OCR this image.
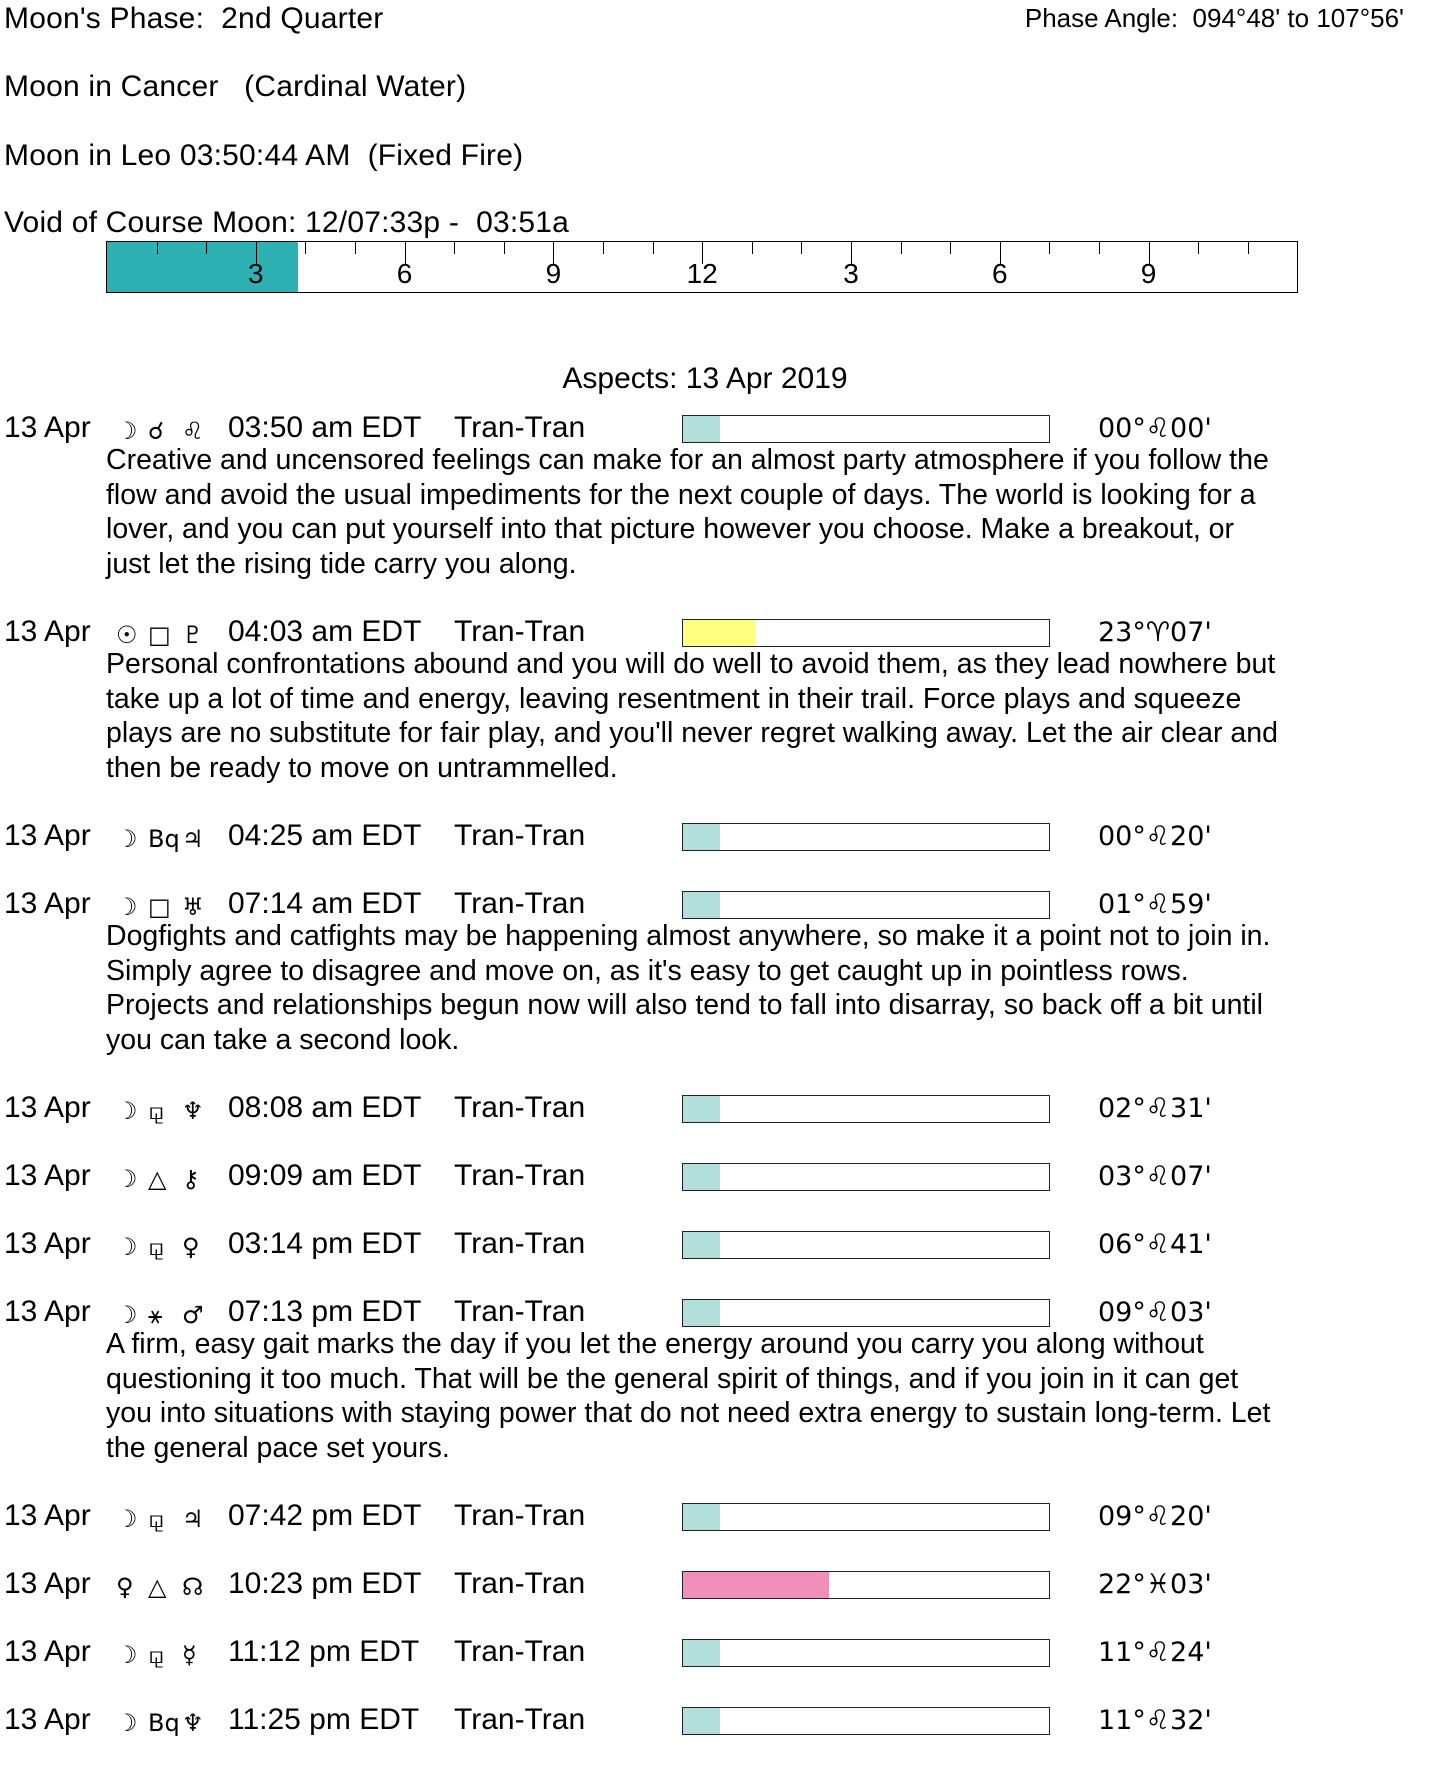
Moon's Phase:  2nd Quarter	Phase Angle:  094°48' to 107°56'
Moon in Cancer   (Cardinal Water)
Moon in Leo 03:50:44 AM  (Fixed Fire)
Void of Course Moon: 12/07:33p -  03:51a
3	6	9	12	3	6	9
Aspects: 13 Apr 2019
13 Apr ☽ ☌ ♌ 03:50 am EDT Tran-Tran	00°♌00'
Creative and uncensored feelings can make for an almost party atmosphere if you follow the
flow and avoid the usual impediments for the next couple of days. The world is looking for a
lover, and you can put yourself into that picture however you choose. Make a breakout, or
just let the rising tide carry you along.
13 Apr ☉ □ ♇ 04:03 am EDT Tran-Tran	23°♈07'
Personal confrontations abound and you will do well to avoid them, as they lead nowhere but
take up a lot of time and energy, leaving resentment in their trail. Force plays and squeeze
plays are no substitute for fair play, and you'll never regret walking away. Let the air clear and
then be ready to move on untrammelled.
13 Apr ☽ Bq ♃ 04:25 am EDT Tran-Tran	00°♌20'
13 Apr ☽ □ ♅ 07:14 am EDT Tran-Tran	01°♌59'
Dogfights and catfights may be happening almost anywhere, so make it a point not to join in.
Simply agree to disagree and move on, as it's easy to get caught up in pointless rows.
Projects and relationships begun now will also tend to fall into disarray, so back off a bit until
you can take a second look.
13 Apr ☽ ⚼ ♆ 08:08 am EDT Tran-Tran	02°♌31'
13 Apr ☽ △ ⚷ 09:09 am EDT Tran-Tran	03°♌07'
13 Apr ☽ ⚼ ♀ 03:14 pm EDT Tran-Tran	06°♌41'
13 Apr ☽ ⚹ ♂ 07:13 pm EDT Tran-Tran	09°♌03'
A firm, easy gait marks the day if you let the energy around you carry you along without
questioning it too much. That will be the general spirit of things, and if you join in it can get
you into situations with staying power that do not need extra energy to sustain long-term. Let
the general pace set yours.
13 Apr ☽ ⚼ ♃ 07:42 pm EDT Tran-Tran	09°♌20'
13 Apr ♀ △ ☊ 10:23 pm EDT Tran-Tran	22°♓03'
13 Apr ☽ ⚼ ☿ 11:12 pm EDT Tran-Tran	11°♌24'
13 Apr ☽ Bq ♆ 11:25 pm EDT Tran-Tran	11°♌32'
